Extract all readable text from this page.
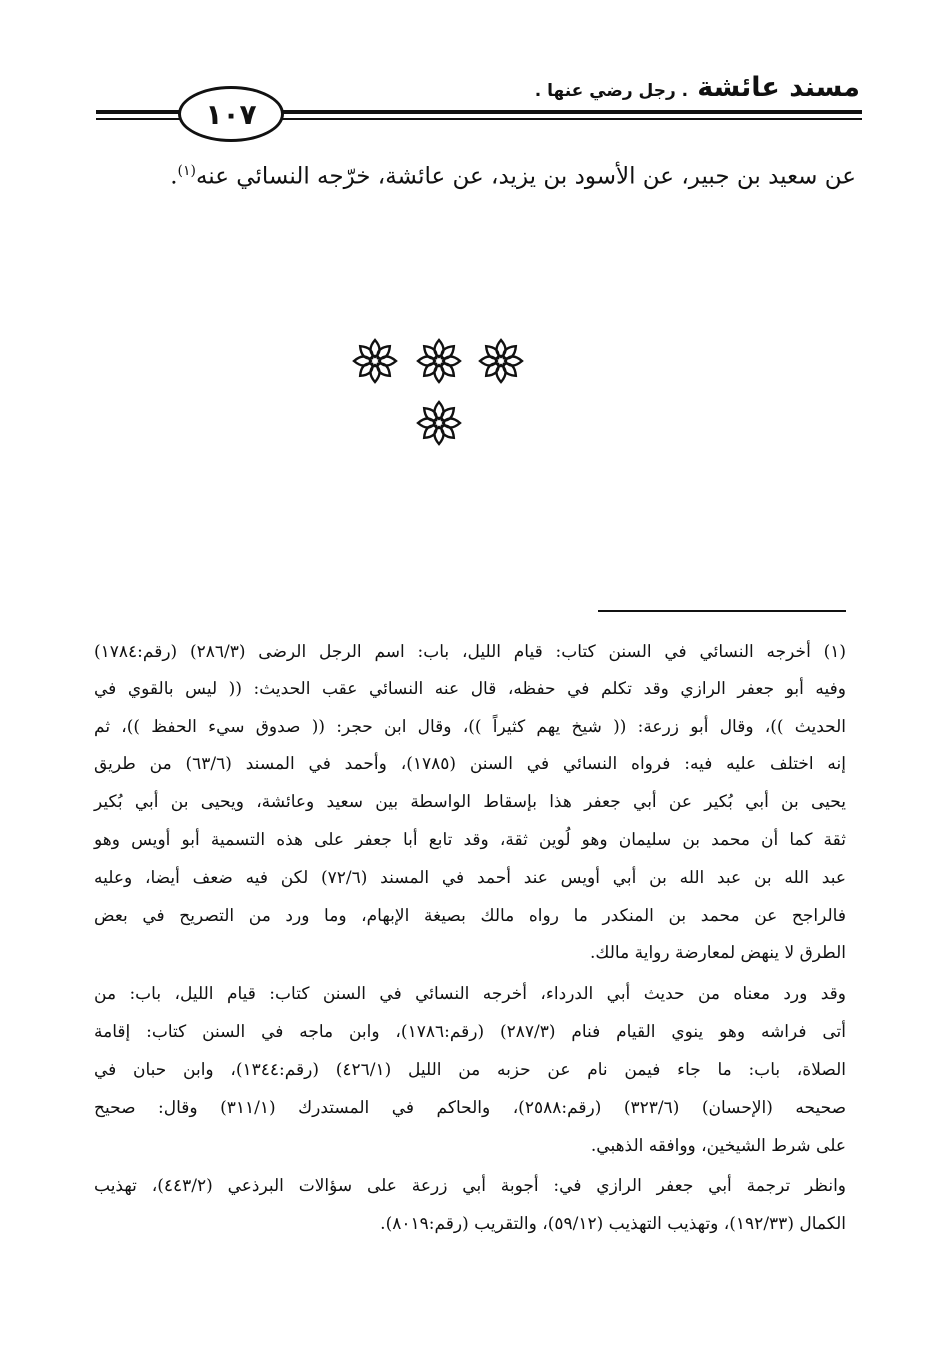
مسند عائشة . رجل رضي عنها .
١٠٧
عن سعيد بن جبير، عن الأسود بن يزيد، عن عائشة، خرّجه النسائي عنه$^{(١)}$.
(١) أخرجه النسائي في السنن كتاب: قيام الليل، باب: اسم الرجل الرضى (٢٨٦/٣) (رقم:١٧٨٤)
وفيه أبو جعفر الرازي وقد تكلم في حفظه، قال عنه النسائي عقب الحديث: (( ليس بالقوي في
الحديث ))، وقال أبو زرعة: (( شيخ يهم كثيراً ))، وقال ابن حجر: (( صدوق سيء الحفظ ))، ثم
إنه اختلف عليه فيه: فرواه النسائي في السنن (١٧٨٥)، وأحمد في المسند (٦٣/٦) من طريق
يحيى بن أبي بُكير عن أبي جعفر هذا بإسقاط الواسطة بين سعيد وعائشة، ويحيى بن أبي بُكير
ثقة كما أن محمد بن سليمان وهو لُوين ثقة، وقد تابع أبا جعفر على هذه التسمية أبو أويس وهو
عبد الله بن عبد الله بن أبي أويس عند أحمد في المسند (٧٢/٦) لكن فيه ضعف أيضا، وعليه
فالراجح عن محمد بن المنكدر ما رواه مالك بصيغة الإبهام، وما ورد من التصريح في بعض
الطرق لا ينهض لمعارضة رواية مالك.
وقد ورد معناه من حديث أبي الدرداء، أخرجه النسائي في السنن كتاب: قيام الليل، باب: من
أتى فراشه وهو ينوي القيام فنام (٢٨٧/٣) (رقم:١٧٨٦)، وابن ماجه في السنن كتاب: إقامة
الصلاة، باب: ما جاء فيمن نام عن حزبه من الليل (٤٢٦/١) (رقم:١٣٤٤)، وابن حبان في
صحيحه (الإحسان) (٣٢٣/٦) (رقم:٢٥٨٨)، والحاكم في المستدرك (٣١١/١) وقال: صحيح
على شرط الشيخين، ووافقه الذهبي.
وانظر ترجمة أبي جعفر الرازي في: أجوبة أبي زرعة على سؤالات البرذعي (٤٤٣/٢)، تهذيب
الكمال (١٩٢/٣٣)، وتهذيب التهذيب (٥٩/١٢)، والتقريب (رقم:٨٠١٩).
